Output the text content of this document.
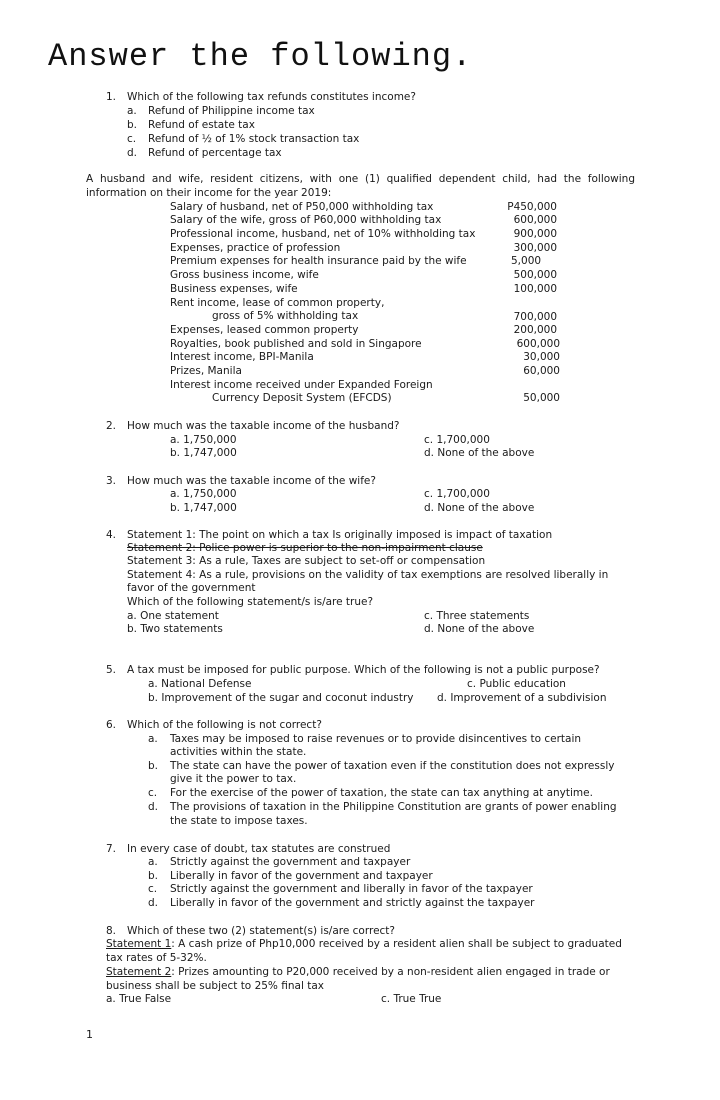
Answer the following.
1. Which of the following tax refunds constitutes income?
a. Refund of Philippine income tax
b. Refund of estate tax
c. Refund of ½ of 1% stock transaction tax
d. Refund of percentage tax
A husband and wife, resident citizens, with one (1) qualified dependent child, had the following
information on their income for the year 2019:
Salary of husband, net of P50,000 withholding tax	P450,000
Salary of the wife, gross of P60,000 withholding tax	600,000
Professional income, husband, net of 10% withholding tax	900,000
Expenses, practice of profession	300,000
Premium expenses for health insurance paid by the wife	5,000
Gross business income, wife	500,000
Business expenses, wife	100,000
Rent income, lease of common property,
gross of 5% withholding tax	700,000
Expenses, leased common property	200,000
Royalties, book published and sold in Singapore	600,000
Interest income, BPI-Manila	30,000
Prizes, Manila	60,000
Interest income received under Expanded Foreign
Currency Deposit System (EFCDS)	50,000
2. How much was the taxable income of the husband?
a. 1,750,000
b. 1,747,000
c. 1,700,000
d. None of the above
3. How much was the taxable income of the wife?
a. 1,750,000
b. 1,747,000
c. 1,700,000
d. None of the above
4. Statement 1: The point on which a tax Is originally imposed is impact of taxation
Statement 2: Police power is superior to the non-impairment clause
Statement 3: As a rule, Taxes are subject to set-off or compensation
Statement 4: As a rule, provisions on the validity of tax exemptions are resolved liberally in
favor of the government
Which of the following statement/s is/are true?
a. One statement
b. Two statements
c. Three statements
d. None of the above
5. A tax must be imposed for public purpose. Which of the following is not a public purpose?
a. National Defense	c. Public education
b. Improvement of the sugar and coconut industry d. Improvement of a subdivision
6. Which of the following is not correct?
a. Taxes may be imposed to raise revenues or to provide disincentives to certain
activities within the state.
b. The state can have the power of taxation even if the constitution does not expressly
give it the power to tax.
c. For the exercise of the power of taxation, the state can tax anything at anytime.
d. The provisions of taxation in the Philippine Constitution are grants of power enabling
the state to impose taxes.
7. In every case of doubt, tax statutes are construed
a. Strictly against the government and taxpayer
b. Liberally in favor of the government and taxpayer
c. Strictly against the government and liberally in favor of the taxpayer
d. Liberally in favor of the government and strictly against the taxpayer
8. Which of these two (2) statement(s) is/are correct?
Statement 1: A cash prize of Php10,000 received by a resident alien shall be subject to graduated
tax rates of 5-32%.
Statement 2: Prizes amounting to P20,000 received by a non-resident alien engaged in trade or
business shall be subject to 25% final tax
a. True False	c. True True
1
